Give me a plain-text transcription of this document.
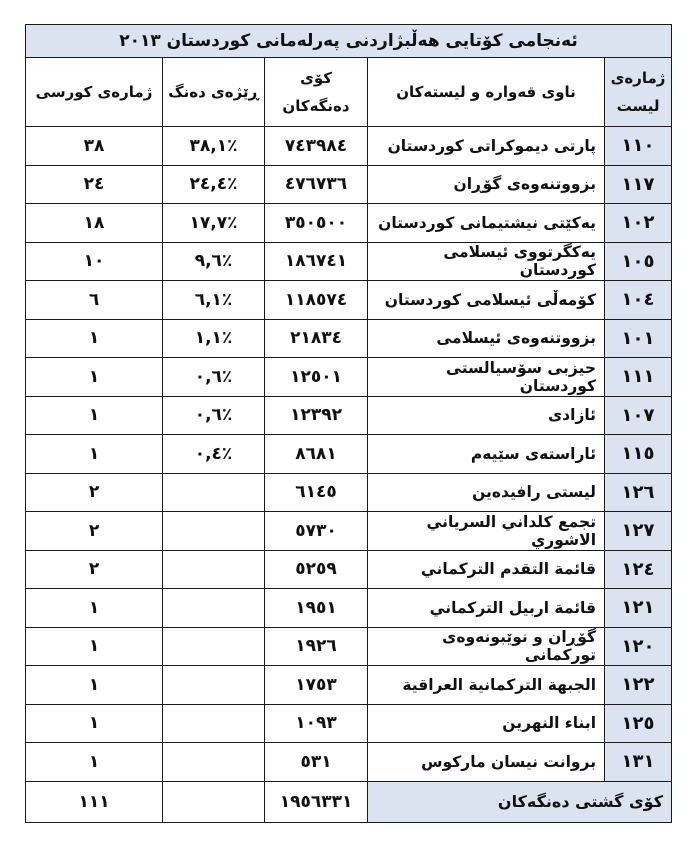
ئەنجامی کۆتایی هەڵبژاردنی پەرلەمانی کوردستان ٢٠١٣				
ژمارەی لیست	ناوی قەوارە و لیستەکان	کۆی دەنگەکان	ڕێژەی دەنگ	ژمارەی کورسی
١١٠	پارتی دیموکراتی کوردستان	٧٤٣٩٨٤	٪٣٨,١	٣٨
١١٧	بزووتنەوەی گۆڕان	٤٧٦٧٣٦	٪٢٤,٤	٢٤
١٠٢	یەکێتی نیشتیمانی کوردستان	٣٥٠٥٠٠	٪١٧,٧	١٨
١٠٥	یەکگرتووی ئیسلامی کوردستان	١٨٦٧٤١	٪٩,٦	١٠
١٠٤	کۆمەڵی ئیسلامی کوردستان	١١٨٥٧٤	٪٦,١	٦
١٠١	بزووتنەوەی ئیسلامی	٢١٨٣٤	٪١,١	١
١١١	حیزبی سۆسیالستی کوردستان	١٢٥٠١	٪٠,٦	١
١٠٧	ئازادی	١٢٣٩٢	٪٠,٦	١
١١٥	ئاراستەی سێیەم	٨٦٨١	٪٠,٤	١
١٢٦	لیستی رافیدەین	٦١٤٥		٢
١٢٧	تجمع كلداني السرياني الاشوري	٥٧٣٠		٢
١٢٤	قائمة التقدم التركماني	٥٢٥٩		٢
١٢١	قائمة اربيل التركماني	١٩٥١		١
١٢٠	گۆڕان و نوێبونەوەی تورکمانی	١٩٢٦		١
١٢٢	الجبهة التركمانية العراقية	١٧٥٣		١
١٢٥	ابناء النهرين	١٠٩٣		١
١٣١	بروانت نيسان ماركوس	٥٣١		١
کۆی گشتی دەنگەکان		١٩٥٦٣٣١		١١١
